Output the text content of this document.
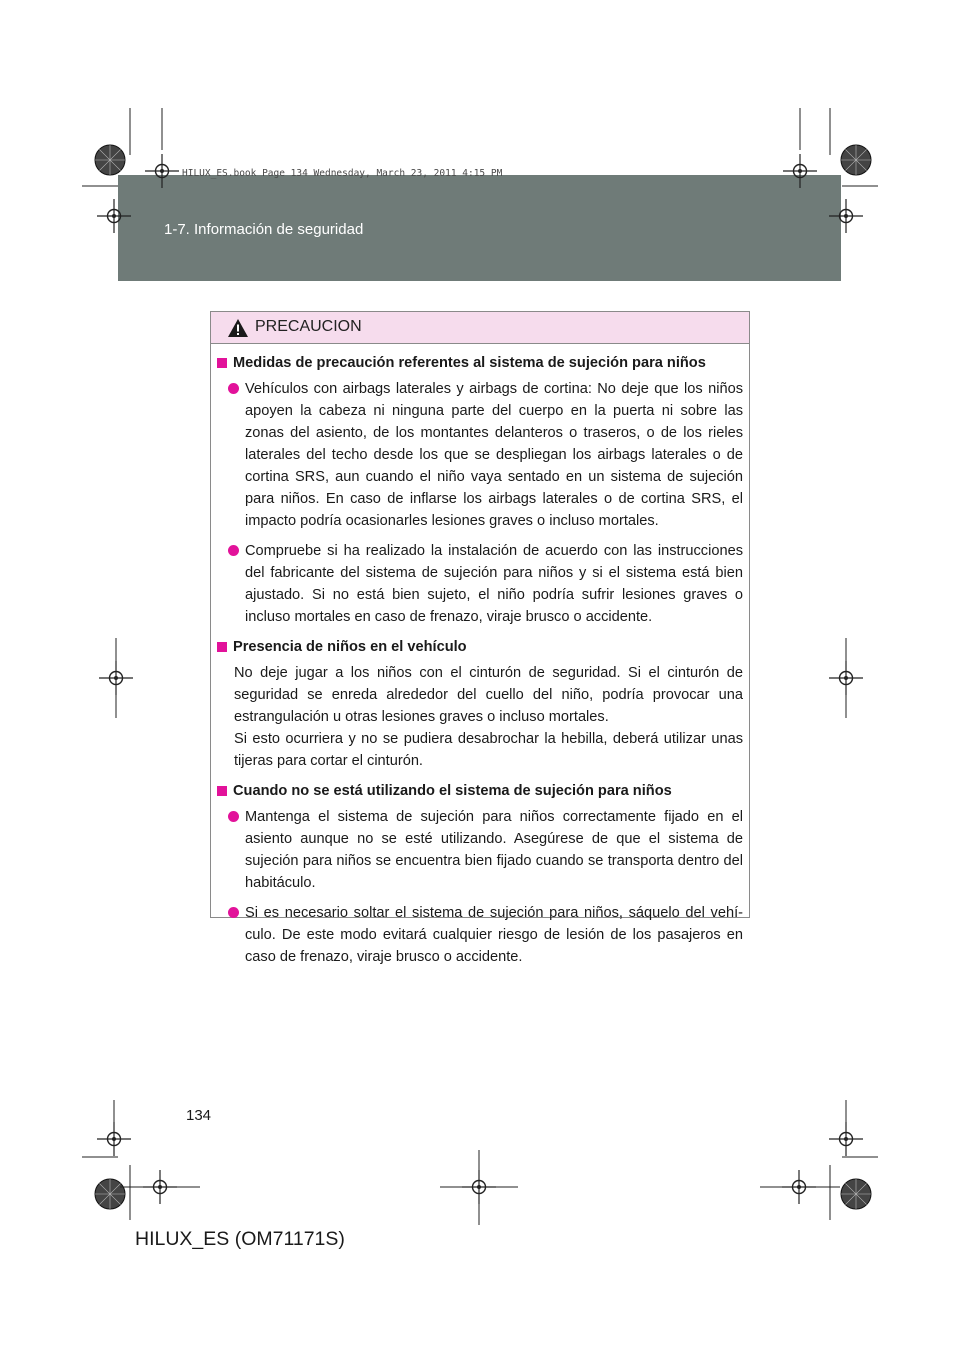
1-7. Información de seguridad
HILUX_ES.book Page 134 Wednesday, March 23, 2011 4:15 PM
PRECAUCION
Medidas de precaución referentes al sistema de sujeción para niños
Vehículos con airbags laterales y airbags de cortina: No deje que los niños apoyen la cabeza ni ninguna parte del cuerpo en la puerta ni sobre las zonas del asiento, de los montantes delanteros o traseros, o de los rieles laterales del techo desde los que se despliegan los airbags laterales o de cortina SRS, aun cuando el niño vaya sentado en un sistema de sujeción para niños. En caso de inflarse los airbags laterales o de cortina SRS, el impacto podría ocasionarles lesiones graves o incluso mortales.
Compruebe si ha realizado la instalación de acuerdo con las instrucciones del fabricante del sistema de sujeción para niños y si el sistema está bien ajustado. Si no está bien sujeto, el niño podría sufrir lesiones graves o incluso mortales en caso de frenazo, viraje brusco o accidente.
Presencia de niños en el vehículo
No deje jugar a los niños con el cinturón de seguridad. Si el cinturón de seguridad se enreda alrededor del cuello del niño, podría provocar una estrangulación u otras lesiones graves o incluso mortales.
Si esto ocurriera y no se pudiera desabrochar la hebilla, deberá utilizar unas tijeras para cortar el cinturón.
Cuando no se está utilizando el sistema de sujeción para niños
Mantenga el sistema de sujeción para niños correctamente fijado en el asiento aunque no se esté utilizando. Asegúrese de que el sistema de sujeción para niños se encuentra bien fijado cuando se transporta dentro del habitáculo.
Si es necesario soltar el sistema de sujeción para niños, sáquelo del vehí-culo. De este modo evitará cualquier riesgo de lesión de los pasajeros en caso de frenazo, viraje brusco o accidente.
134
HILUX_ES (OM71171S)
